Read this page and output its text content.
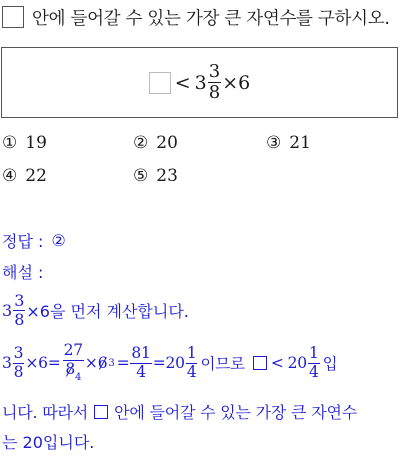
안에 들어갈 수 있는 가장 큰 자연수를 구하시오.
< $3 \frac{3}{8} \times 6$
① 19	② 20	③ 21
④ 22	⑤ 23
정답 : ②
해설 :
$3 \frac{3}{8} \times 6$을 먼저 계산합니다.
$3 \frac{3}{8} \times 6= \frac{27}{8_4} \times 6$ $3 = \frac{81}{4} = 20 \frac{1}{4}$ 이므로 < $20 \frac{1}{4}$ 입
니다. 따라서 안에 들어갈 수 있는 가장 큰 자연수
는 20입니다.
